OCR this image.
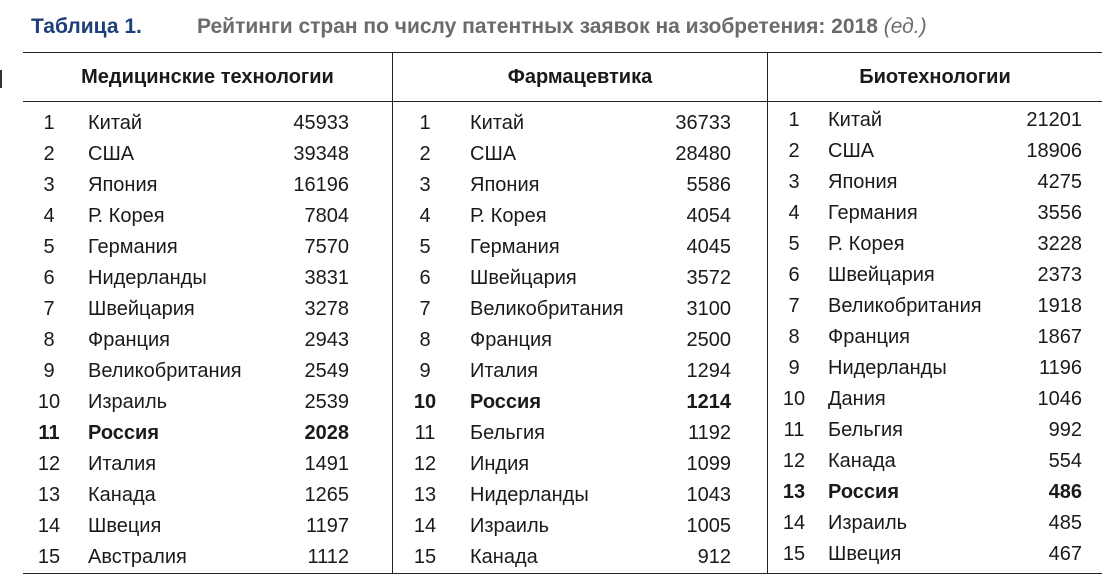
Таблица 1.	Рейтинги стран по числу патентных заявок на изобретения: 2018 (ед.)
Медицинские технологии
1	Китай	45933
2	США	39348
3	Япония	16196
4	Р. Корея	7804
5	Германия	7570
6	Нидерланды	3831
7	Швейцария	3278
8	Франция	2943
9	Великобритания	2549
10	Израиль	2539
11	Россия	2028
12	Италия	1491
13	Канада	1265
14	Швеция	1197
15	Австралия	1112
Фармацевтика
1	Китай	36733
2	США	28480
3	Япония	5586
4	Р. Корея	4054
5	Германия	4045
6	Швейцария	3572
7	Великобритания	3100
8	Франция	2500
9	Италия	1294
10	Россия	1214
11	Бельгия	1192
12	Индия	1099
13	Нидерланды	1043
14	Израиль	1005
15	Канада	912
Биотехнологии
1	Китай	21201
2	США	18906
3	Япония	4275
4	Германия	3556
5	Р. Корея	3228
6	Швейцария	2373
7	Великобритания	1918
8	Франция	1867
9	Нидерланды	1196
10	Дания	1046
11	Бельгия	992
12	Канада	554
13	Россия	486
14	Израиль	485
15	Швеция	467
